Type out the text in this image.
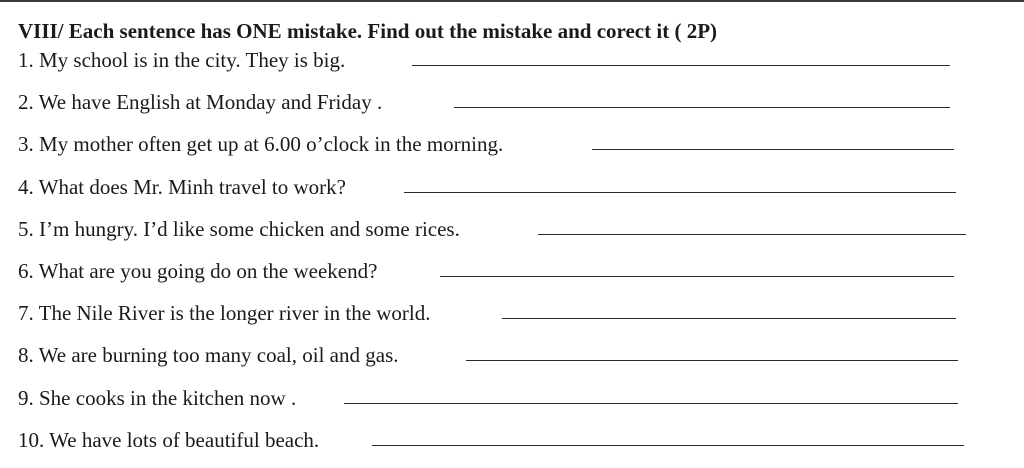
VIII/ Each sentence has ONE mistake. Find out the mistake and corect it ( 2P)
1. My school is in the city. They is big.
2. We have English at Monday and Friday .
3. My mother often get up at 6.00 o’clock in the morning.
4. What does Mr. Minh travel to work?
5. I’m hungry. I’d like some chicken and some rices.
6. What are you going do on the weekend?
7. The Nile River is the longer river in the world.
8. We are burning too many coal, oil and gas.
9. She cooks in the kitchen now .
10. We have lots of beautiful beach.
